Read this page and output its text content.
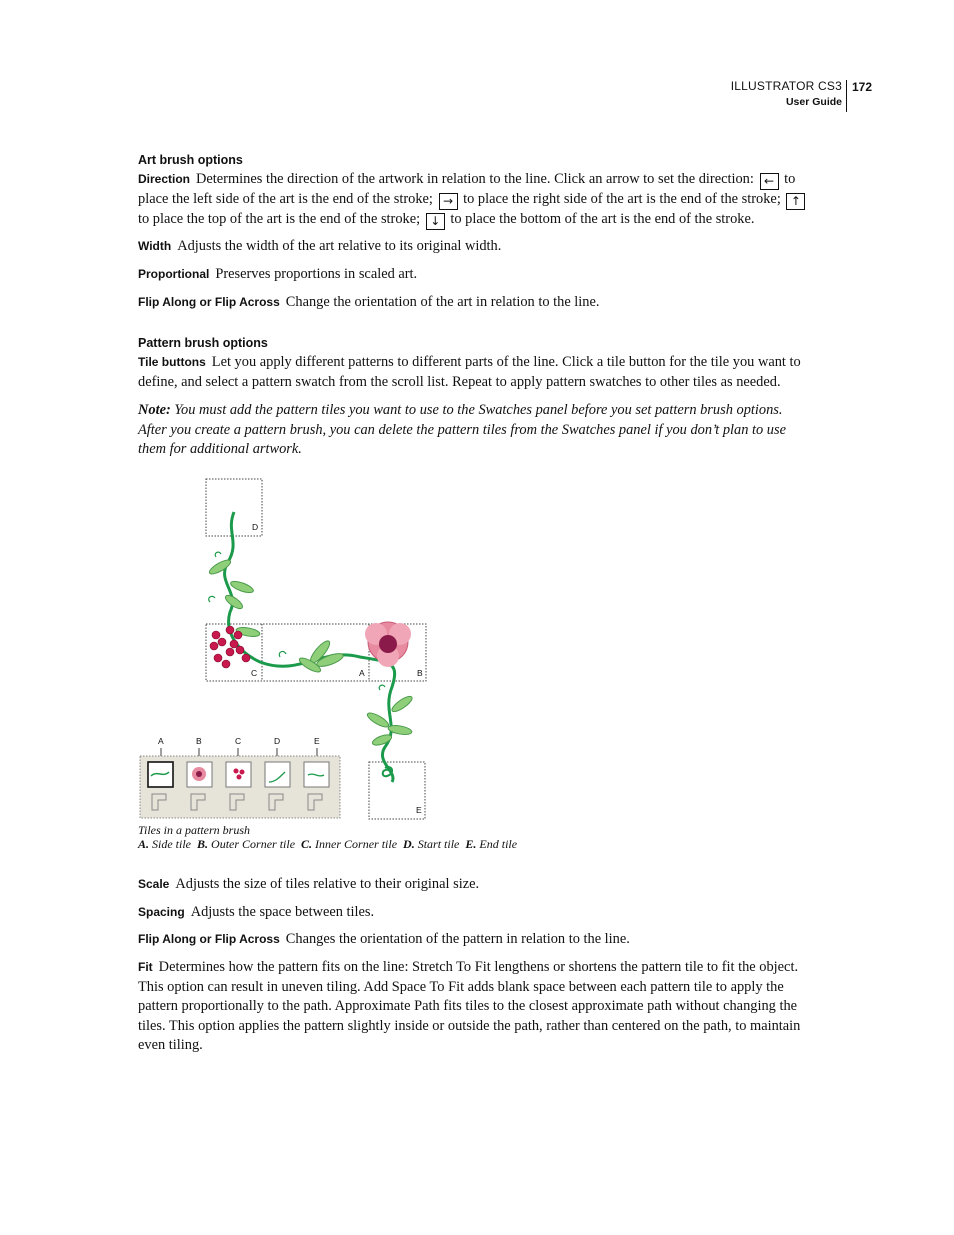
ILLUSTRATOR CS3
User Guide
172
Art brush options
Direction Determines the direction of the artwork in relation to the line. Click an arrow to set the direction: ← to place the left side of the art is the end of the stroke; → to place the right side of the art is the end of the stroke; ↑ to place the top of the art is the end of the stroke; ↓ to place the bottom of the art is the end of the stroke.
Width Adjusts the width of the art relative to its original width.
Proportional Preserves proportions in scaled art.
Flip Along or Flip Across Change the orientation of the art in relation to the line.
Pattern brush options
Tile buttons Let you apply different patterns to different parts of the line. Click a tile button for the tile you want to define, and select a pattern swatch from the scroll list. Repeat to apply pattern swatches to other tiles as needed.
Note: You must add the pattern tiles you want to use to the Swatches panel before you set pattern brush options. After you create a pattern brush, you can delete the pattern tiles from the Swatches panel if you don’t plan to use them for additional artwork.
D
C	A	B
E
A	B	C	D	E
Tiles in a pattern brush
A. Side tile B. Outer Corner tile C. Inner Corner tile D. Start tile E. End tile
Scale Adjusts the size of tiles relative to their original size.
Spacing Adjusts the space between tiles.
Flip Along or Flip Across Changes the orientation of the pattern in relation to the line.
Fit Determines how the pattern fits on the line: Stretch To Fit lengthens or shortens the pattern tile to fit the object. This option can result in uneven tiling. Add Space To Fit adds blank space between each pattern tile to apply the pattern proportionally to the path. Approximate Path fits tiles to the closest approximate path without changing the tiles. This option applies the pattern slightly inside or outside the path, rather than centered on the path, to maintain even tiling.
